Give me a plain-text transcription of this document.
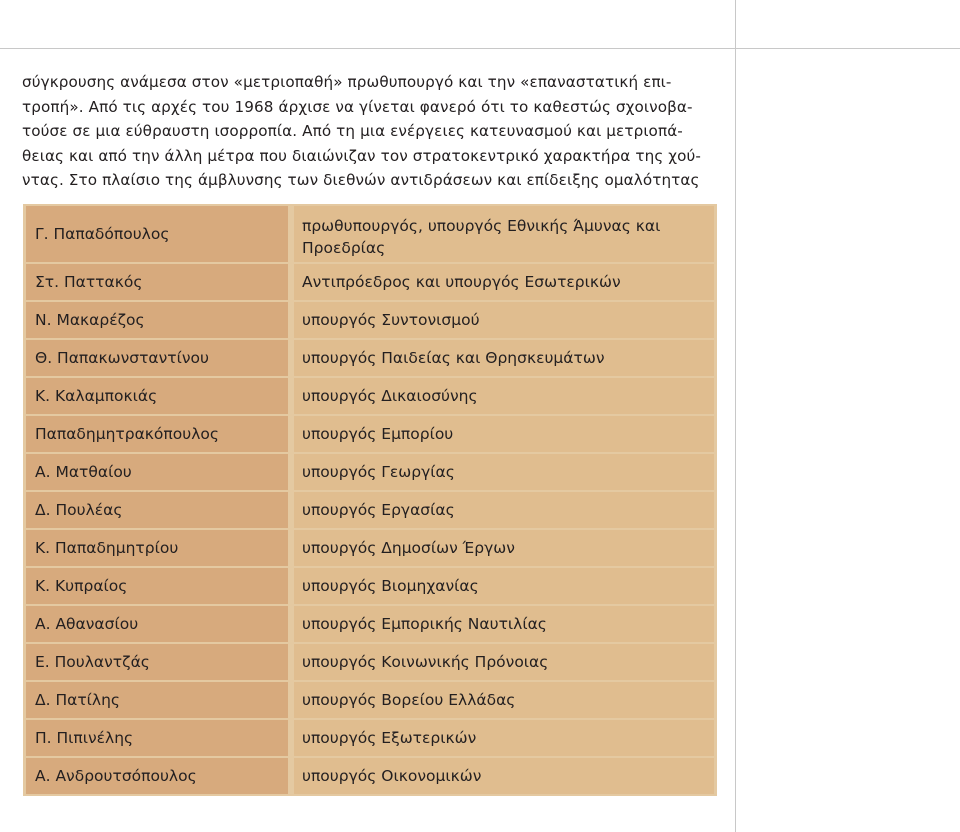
σύγκρουσης ανάμεσα στον «μετριοπαθή» πρωθυπουργό και την «επαναστατική επι-
τροπή». Από τις αρχές του 1968 άρχισε να γίνεται φανερό ότι το καθεστώς σχοινοβα-
τούσε σε μια εύθραυστη ισορροπία. Από τη μια ενέργειες κατευνασμού και μετριοπά-
θειας και από την άλλη μέτρα που διαιώνιζαν τον στρατοκεντρικό χαρακτήρα της χού-
ντας. Στο πλαίσιο της άμβλυνσης των διεθνών αντιδράσεων και επίδειξης ομαλότητας
Γ. Παπαδόπουλος	πρωθυπουργός, υπουργός Εθνικής Άμυνας και
Προεδρίας
Στ. Παττακός	Αντιπρόεδρος και υπουργός Εσωτερικών
Ν. Μακαρέζος	υπουργός Συντονισμού
Θ. Παπακωνσταντίνου	υπουργός Παιδείας και Θρησκευμάτων
Κ. Καλαμποκιάς	υπουργός Δικαιοσύνης
Παπαδημητρακόπουλος	υπουργός Εμπορίου
Α. Ματθαίου	υπουργός Γεωργίας
Δ. Πουλέας	υπουργός Εργασίας
Κ. Παπαδημητρίου	υπουργός Δημοσίων Έργων
Κ. Κυπραίος	υπουργός Βιομηχανίας
Α. Αθανασίου	υπουργός Εμπορικής Ναυτιλίας
Ε. Πουλαντζάς	υπουργός Κοινωνικής Πρόνοιας
Δ. Πατίλης	υπουργός Βορείου Ελλάδας
Π. Πιπινέλης	υπουργός Εξωτερικών
Α. Ανδρουτσόπουλος	υπουργός Οικονομικών
